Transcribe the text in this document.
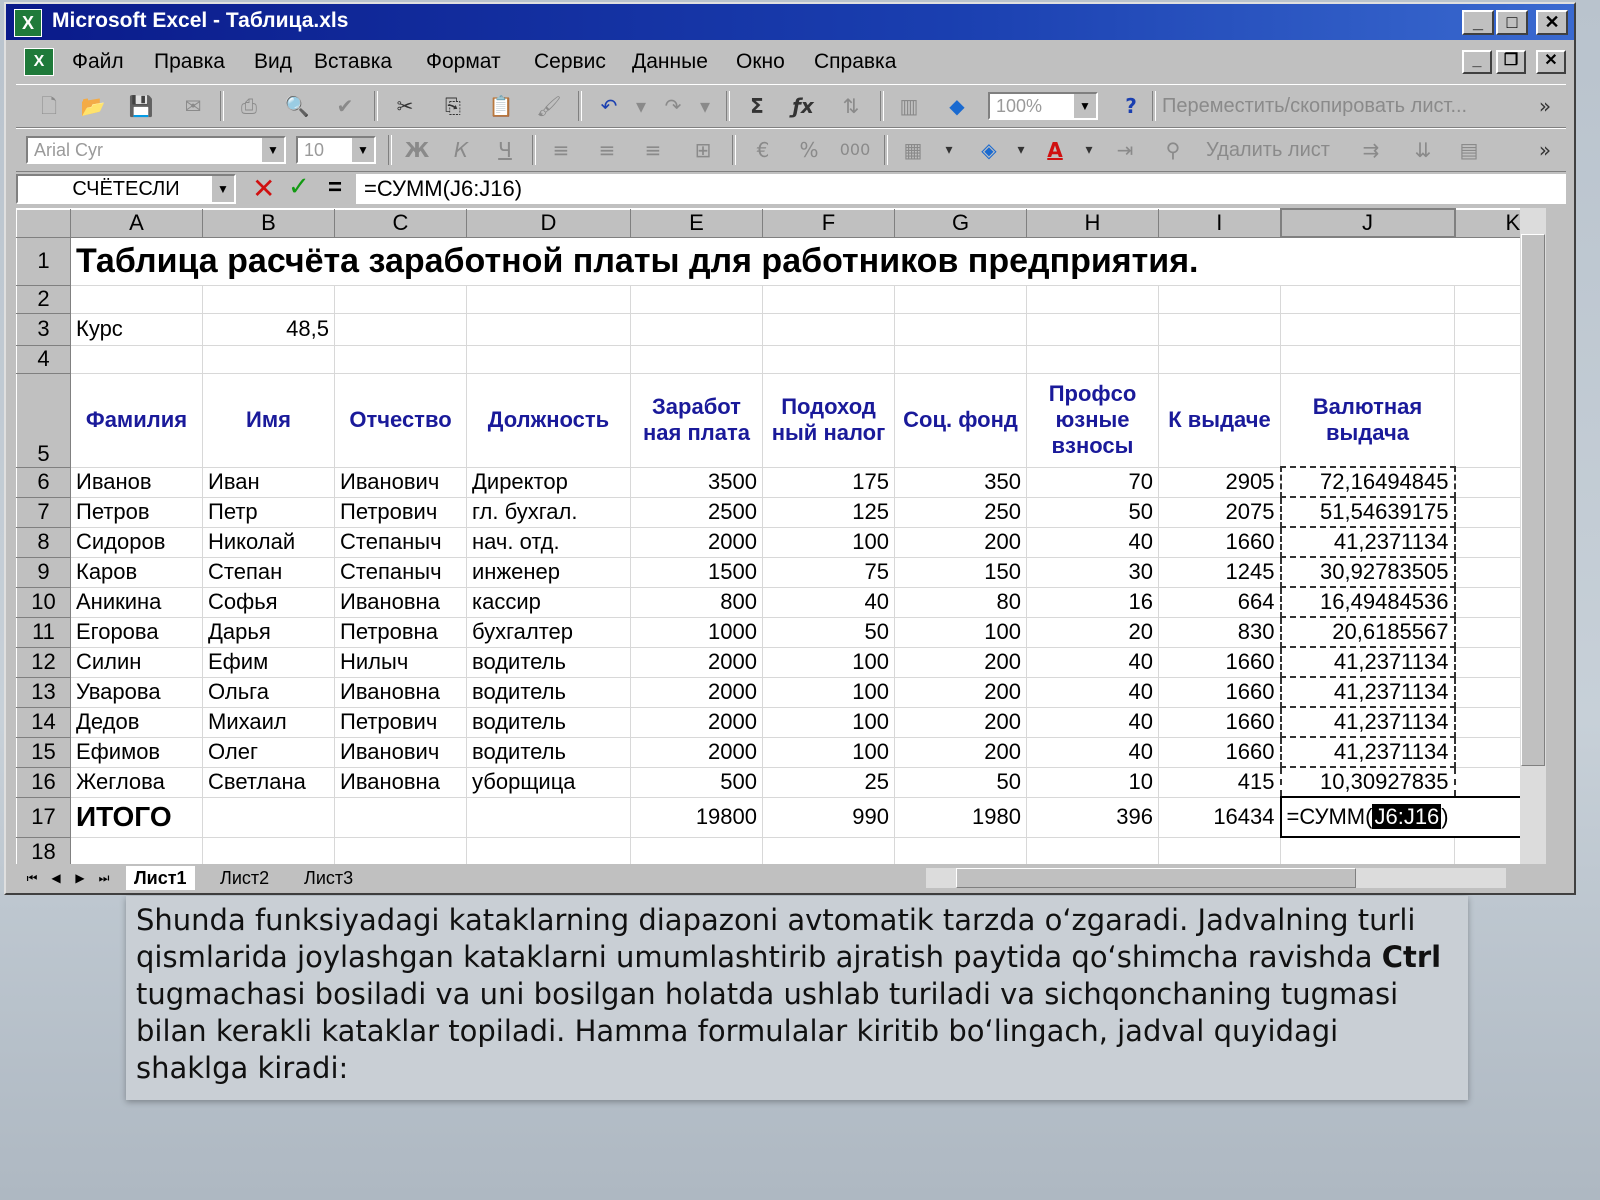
X Microsoft Excel - Таблица.xls	_	□	✕
X	Файл Правка Вид Вставка Формат Сервис Данные Окно Справка	_	❐	✕
🗋	📂 💾	✉	⎙	🔍	✔	✂	⎘	📋 🖌	↶ ▾ ↷ ▾	Σ	ƒx	⇅	▥	◆	100%	▼	?	Переместить/скопировать лист...	»
Arial Cyr	▼	10	▼ Ж	К	Ч	≡	≡	≡	⊞	€	%	000	▦	▾	◈	▾	A	▾	⇥	⚲	Удалить лист	⇉	⇊	▤	»
СЧЁТЕСЛИ	▼ ✕ ✓ = =СУММ(J6:J16)
	A	B	C	D	E	F	G	H	I	J	K
1	Таблица расчёта заработной платы для работников предприятия.										
2											
3	Курс	48,5									
4											
5	Фамилия	Имя	Отчество	Должность	Заработ ная плата	Подоход ный налог	Соц. фонд	Профсо юзные взносы	К выдаче	Валютная выдача	
6	Иванов	Иван	Иванович	Директор	3500	175	350	70	2905	72,16494845	
7	Петров	Петр	Петрович	гл. бухгал.	2500	125	250	50	2075	51,54639175	
8	Сидоров	Николай	Степаныч	нач. отд.	2000	100	200	40	1660	41,2371134	
9	Каров	Степан	Степаныч	инженер	1500	75	150	30	1245	30,92783505	
10	Аникина	Софья	Ивановна	кассир	800	40	80	16	664	16,49484536	
11	Егорова	Дарья	Петровна	бухгалтер	1000	50	100	20	830	20,6185567	
12	Силин	Ефим	Нилыч	водитель	2000	100	200	40	1660	41,2371134	
13	Уварова	Ольга	Ивановна	водитель	2000	100	200	40	1660	41,2371134	
14	Дедов	Михаил	Петрович	водитель	2000	100	200	40	1660	41,2371134	
15	Ефимов	Олег	Иванович	водитель	2000	100	200	40	1660	41,2371134	
16	Жеглова	Светлана	Ивановна	уборщица	500	25	50	10	415	10,30927835	
17	ИТОГО				19800	990	1980	396	16434	=СУММ(J6:J16)	
18											
⏮	◀	▶	⏭	Лист1	Лист2	Лист3

Shunda funksiyadagi kataklarning diapazoni avtomatik tarzda oʻzgaradi. Jadvalning turli qismlarida joylashgan kataklarni umumlashtirib ajratish paytida qoʻshimcha ravishda Ctrl tugmachasi bosiladi va uni bosilgan holatda ushlab turiladi va sichqonchaning tugmasi bilan kerakli kataklar topiladi. Hamma formulalar kiritib boʻlingach, jadval quyidagi shaklga kiradi:
